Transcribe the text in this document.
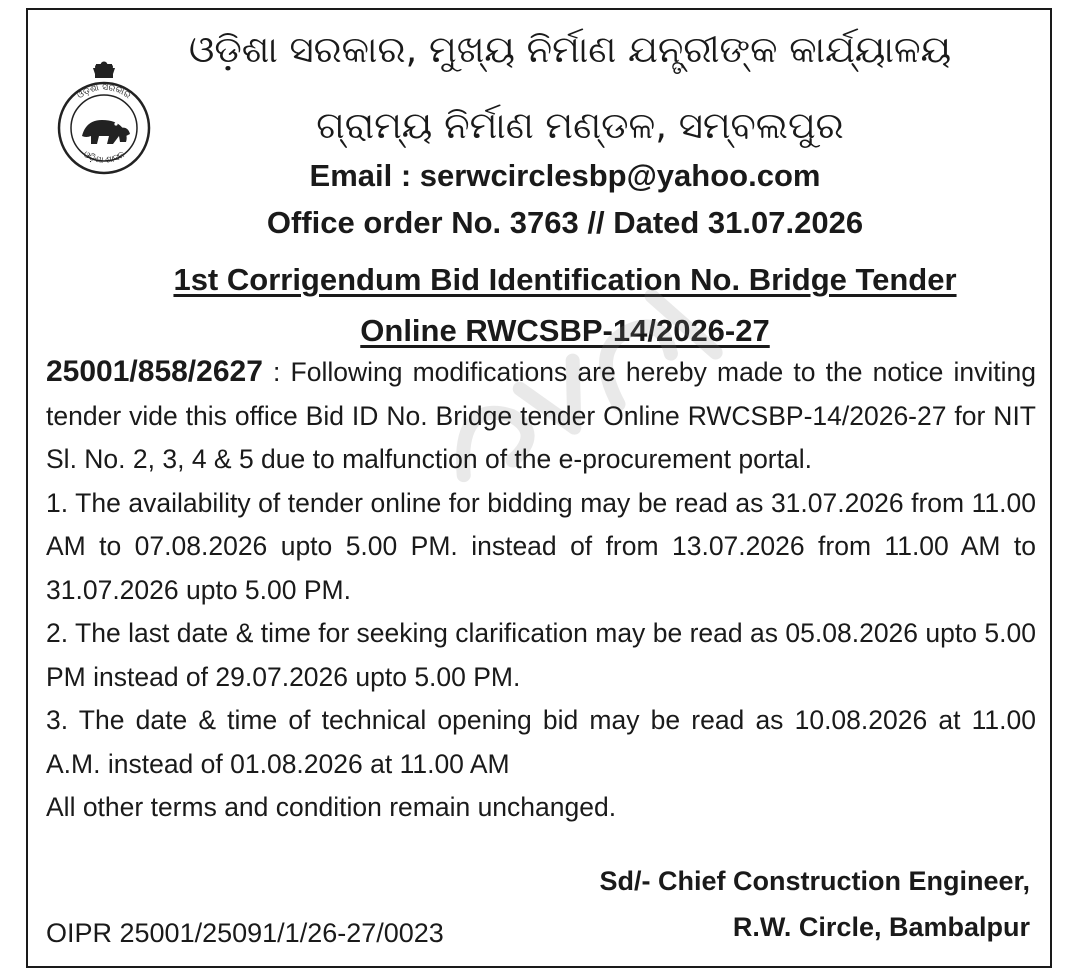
ଓଡ଼ିଶା ସରକାର
ଓଡ଼ିଶା ଶାସନ
ଓଡ଼ିଶା ସରକାର, ମୁଖ୍ୟ ନିର୍ମାଣ ଯନ୍ତ୍ରୀଙ୍କ କାର୍ଯ୍ୟାଳୟ
ଗ୍ରାମ୍ୟ ନିର୍ମାଣ ମଣ୍ଡଳ, ସମ୍ବଲପୁର
Email : serwcirclesbp@yahoo.com
Office order No. 3763 // Dated 31.07.2026
1st Corrigendum Bid Identification No. Bridge Tender
Online RWCSBP-14/2026-27

25001/858/2627 : Following modifications are hereby made to the notice inviting tender vide this office Bid ID No. Bridge tender Online RWCSBP-14/2026-27 for NIT Sl. No. 2, 3, 4 & 5 due to malfunction of the e-procurement portal.

1. The availability of tender online for bidding may be read as 31.07.2026 from 11.00 AM to 07.08.2026 upto 5.00 PM. instead of from 13.07.2026 from 11.00 AM to 31.07.2026 upto 5.00 PM.

2. The last date & time for seeking clarification may be read as 05.08.2026 upto 5.00 PM instead of 29.07.2026 upto 5.00 PM.

3. The date & time of technical opening bid may be read as 10.08.2026 at 11.00 A.M. instead of 01.08.2026 at 11.00 AM

All other terms and condition remain unchanged.

Sd/- Chief Construction Engineer,
R.W. Circle, Bambalpur
OIPR 25001/25091/1/26-27/0023
